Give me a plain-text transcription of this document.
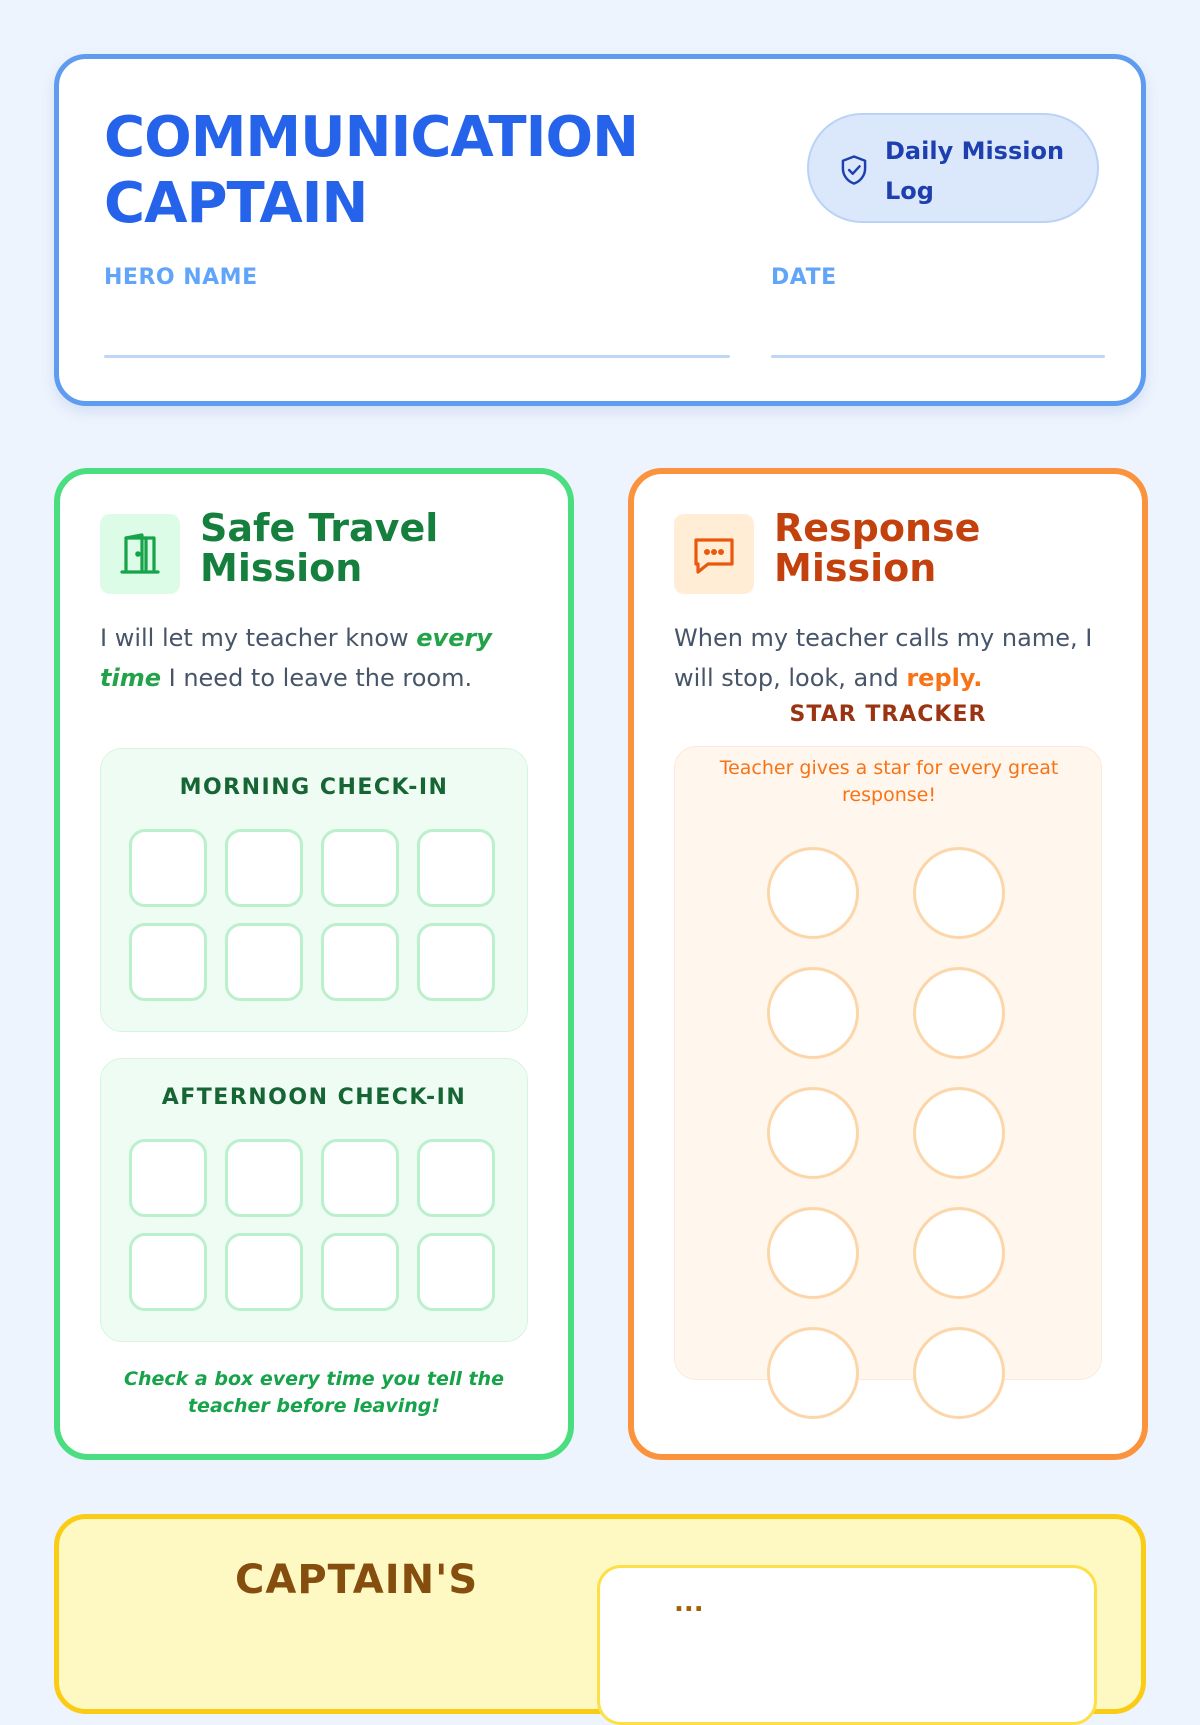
COMMUNICATION
CAPTAIN
Daily Mission Log
HERO NAME	DATE
Safe Travel Mission

I will let my teacher know every time I need to leave the room.

MORNING CHECK-IN
AFTERNOON CHECK-IN
Check a box every time you tell the teacher before leaving!
Response Mission

When my teacher calls my name, I will stop, look, and reply.

STAR TRACKER
Teacher gives a star for every great response!
CAPTAIN'S	...
